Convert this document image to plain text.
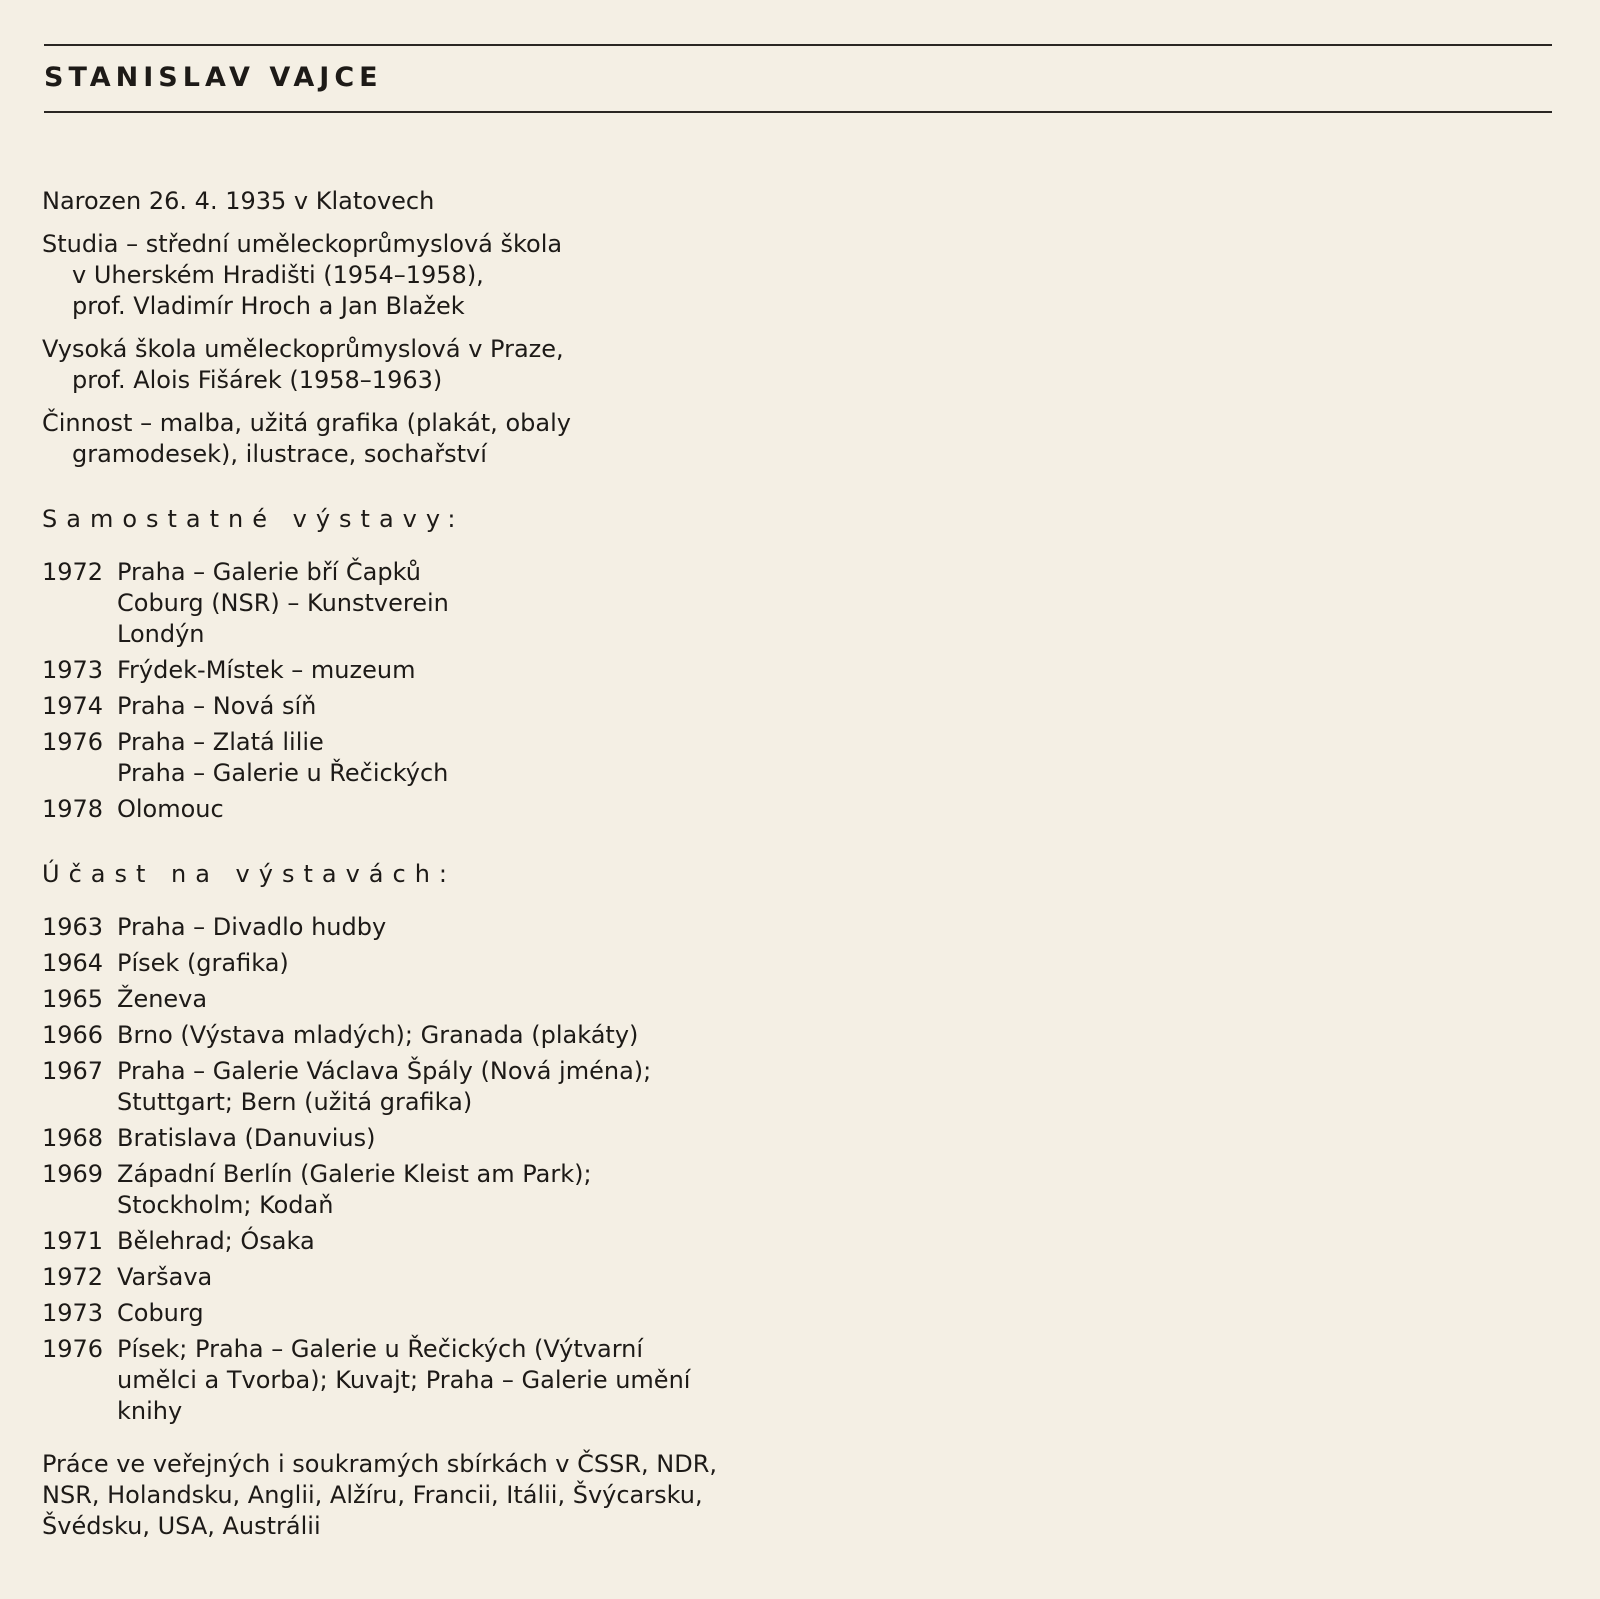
STANISLAV VAJCE

Narozen 26. 4. 1935 v Klatovech

Studia – střední uměleckoprůmyslová škola
v Uherském Hradišti (1954–1958),
prof. Vladimír Hroch a Jan Blažek

Vysoká škola uměleckoprůmyslová v Praze,
prof. Alois Fišárek (1958–1963)

Činnost – malba, užitá grafika (plakát, obaly
gramodesek), ilustrace, sochařství

Samostatné výstavy:
1972 Praha – Galerie bří Čapků
Coburg (NSR) – Kunstverein
Londýn
1973 Frýdek-Místek – muzeum
1974 Praha – Nová síň
1976 Praha – Zlatá lilie
Praha – Galerie u Řečických
1978 Olomouc
Účast na výstavách:
1963 Praha – Divadlo hudby
1964 Písek (grafika)
1965 Ženeva
1966 Brno (Výstava mladých); Granada (plakáty)
1967 Praha – Galerie Václava Špály (Nová jména);
Stuttgart; Bern (užitá grafika)
1968 Bratislava (Danuvius)
1969 Západní Berlín (Galerie Kleist am Park);
Stockholm; Kodaň
1971 Bělehrad; Ósaka
1972 Varšava
1973 Coburg
1976 Písek; Praha – Galerie u Řečických (Výtvarní
umělci a Tvorba); Kuvajt; Praha – Galerie umění
knihy

Práce ve veřejných i soukramých sbírkách v ČSSR, NDR, NSR, Holandsku, Anglii, Alžíru, Francii, Itálii, Švýcarsku, Švédsku, USA, Austrálii
